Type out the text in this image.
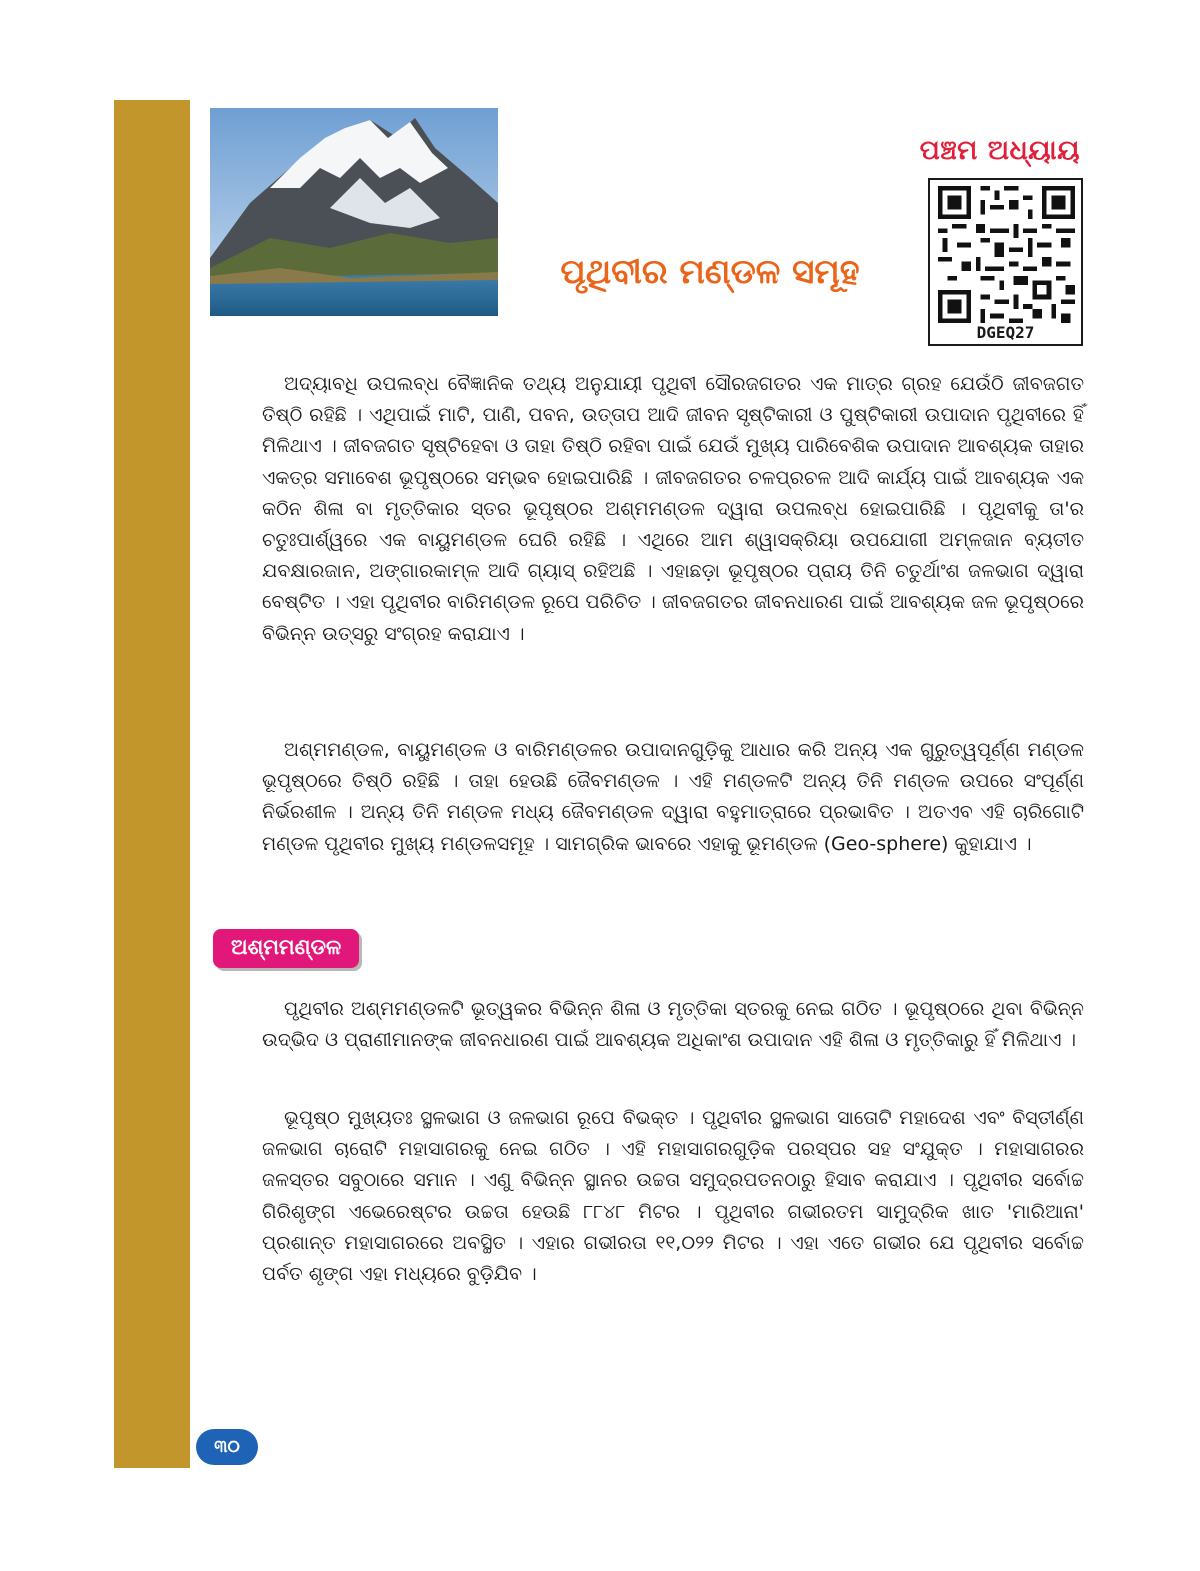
ପଞ୍ଚମ ଅଧ୍ୟାୟ
ପୃଥିବୀର ମଣ୍ଡଳ ସମୂହ
DGEQ27

ଅଦ୍ୟାବଧି ଉପଲବ୍ଧ ବୈଜ୍ଞାନିକ ତଥ୍ୟ ଅନୁଯାୟୀ ପୃଥିବୀ ସୌରଜଗତର ଏକ ମାତ୍ର ଗ୍ରହ ଯେଉଁଠି ଜୀବଜଗତ ତିଷ୍ଠି ରହିଛି । ଏଥିପାଇଁ ମାଟି, ପାଣି, ପବନ, ଉତ୍ତାପ ଆଦି ଜୀବନ ସୃଷ୍ଟିକାରୀ ଓ ପୁଷ୍ଟିକାରୀ ଉପାଦାନ ପୃଥିବୀରେ ହିଁ ମିଳିଥାଏ । ଜୀବଜଗତ ସୃଷ୍ଟିହେବା ଓ ତାହା ତିଷ୍ଠି ରହିବା ପାଇଁ ଯେଉଁ ମୁଖ୍ୟ ପାରିବେଶିକ ଉପାଦାନ ଆବଶ୍ୟକ ତାହାର ଏକତ୍ର ସମାବେଶ ଭୂପୃଷ୍ଠରେ ସମ୍ଭବ ହୋଇପାରିଛି । ଜୀବଜଗତର ଚଳପ୍ରଚଳ ଆଦି କାର୍ଯ୍ୟ ପାଇଁ ଆବଶ୍ୟକ ଏକ କଠିନ ଶିଳା ବା ମୃତ୍ତିକାର ସ୍ତର ଭୂପୃଷ୍ଠର ଅଶ୍ମମଣ୍ଡଳ ଦ୍ୱାରା ଉପଲବ୍ଧ ହୋଇପାରିଛି । ପୃଥିବୀକୁ ତା'ର ଚତୁଃପାର୍ଶ୍ୱରେ ଏକ ବାୟୁମଣ୍ଡଳ ଘେରି ରହିଛି । ଏଥିରେ ଆମ ଶ୍ୱାସକ୍ରିୟା ଉପଯୋଗୀ ଅମ୍ଳଜାନ ବ୍ୟତୀତ ଯବକ୍ଷାରଜାନ, ଅଙ୍ଗାରକାମ୍ଳ ଆଦି ଗ୍ୟାସ୍ ରହିଅଛି । ଏହାଛଡ଼ା ଭୂପୃଷ୍ଠର ପ୍ରାୟ ତିନି ଚତୁର୍ଥାଂଶ ଜଳଭାଗ ଦ୍ୱାରା ବେଷ୍ଟିତ । ଏହା ପୃଥିବୀର ବାରିମଣ୍ଡଳ ରୂପେ ପରିଚିତ । ଜୀବଜଗତର ଜୀବନଧାରଣ ପାଇଁ ଆବଶ୍ୟକ ଜଳ ଭୂପୃଷ୍ଠରେ ବିଭିନ୍ନ ଉତ୍ସରୁ ସଂଗ୍ରହ କରାଯାଏ ।

ଅଶ୍ମମଣ୍ଡଳ, ବାୟୁମଣ୍ଡଳ ଓ ବାରିମଣ୍ଡଳର ଉପାଦାନଗୁଡ଼ିକୁ ଆଧାର କରି ଅନ୍ୟ ଏକ ଗୁରୁତ୍ୱପୂର୍ଣ୍ଣ ମଣ୍ଡଳ ଭୂପୃଷ୍ଠରେ ତିଷ୍ଠି ରହିଛି । ତାହା ହେଉଛି ଜୈବମଣ୍ଡଳ । ଏହି ମଣ୍ଡଳଟି ଅନ୍ୟ ତିନି ମଣ୍ଡଳ ଉପରେ ସଂପୂର୍ଣ୍ଣ ନିର୍ଭରଶୀଳ । ଅନ୍ୟ ତିନି ମଣ୍ଡଳ ମଧ୍ୟ ଜୈବମଣ୍ଡଳ ଦ୍ୱାରା ବହୁମାତ୍ରାରେ ପ୍ରଭାବିତ । ଅତଏବ ଏହି ଚାରିଗୋଟି ମଣ୍ଡଳ ପୃଥିବୀର ମୁଖ୍ୟ ମଣ୍ଡଳସମୂହ । ସାମଗ୍ରିକ ଭାବରେ ଏହାକୁ ଭୂମଣ୍ଡଳ (Geo-sphere) କୁହାଯାଏ ।

ଅଶ୍ମମଣ୍ଡଳ

ପୃଥିବୀର ଅଶ୍ମମଣ୍ଡଳଟି ଭୂତ୍ୱକର ବିଭିନ୍ନ ଶିଳା ଓ ମୃତ୍ତିକା ସ୍ତରକୁ ନେଇ ଗଠିତ । ଭୂପୃଷ୍ଠରେ ଥିବା ବିଭିନ୍ନ ଉଦ୍ଭିଦ ଓ ପ୍ରାଣୀମାନଙ୍କ ଜୀବନଧାରଣ ପାଇଁ ଆବଶ୍ୟକ ଅଧିକାଂଶ ଉପାଦାନ ଏହି ଶିଳା ଓ ମୃତ୍ତିକାରୁ ହିଁ ମିଳିଥାଏ ।

ଭୂପୃଷ୍ଠ ମୁଖ୍ୟତଃ ସ୍ଥଳଭାଗ ଓ ଜଳଭାଗ ରୂପେ ବିଭକ୍ତ । ପୃଥିବୀର ସ୍ଥଳଭାଗ ସାତୋଟି ମହାଦେଶ ଏବଂ ବିସ୍ତୀର୍ଣ୍ଣ ଜଳଭାଗ ଚାରୋଟି ମହାସାଗରକୁ ନେଇ ଗଠିତ । ଏହି ମହାସାଗରଗୁଡ଼ିକ ପରସ୍ପର ସହ ସଂଯୁକ୍ତ । ମହାସାଗରର ଜଳସ୍ତର ସବୁଠାରେ ସମାନ । ଏଣୁ ବିଭିନ୍ନ ସ୍ଥାନର ଉଚ୍ଚତା ସମୁଦ୍ରପତନଠାରୁ ହିସାବ କରାଯାଏ । ପୃଥିବୀର ସର୍ବୋଚ୍ଚ ଗିରିଶୃଙ୍ଗ ଏଭେରେଷ୍ଟର ଉଚ୍ଚତା ହେଉଛି ୮୮୪୮ ମିଟର । ପୃଥିବୀର ଗଭୀରତମ ସାମୁଦ୍ରିକ ଖାତ 'ମାରିଆନା' ପ୍ରଶାନ୍ତ ମହାସାଗରରେ ଅବସ୍ଥିତ । ଏହାର ଗଭୀରତା ୧୧,୦୨୨ ମିଟର । ଏହା ଏତେ ଗଭୀର ଯେ ପୃଥିବୀର ସର୍ବୋଚ୍ଚ ପର୍ବତ ଶୃଙ୍ଗ ଏହା ମଧ୍ୟରେ ବୁଡ଼ିଯିବ ।

୩୦
